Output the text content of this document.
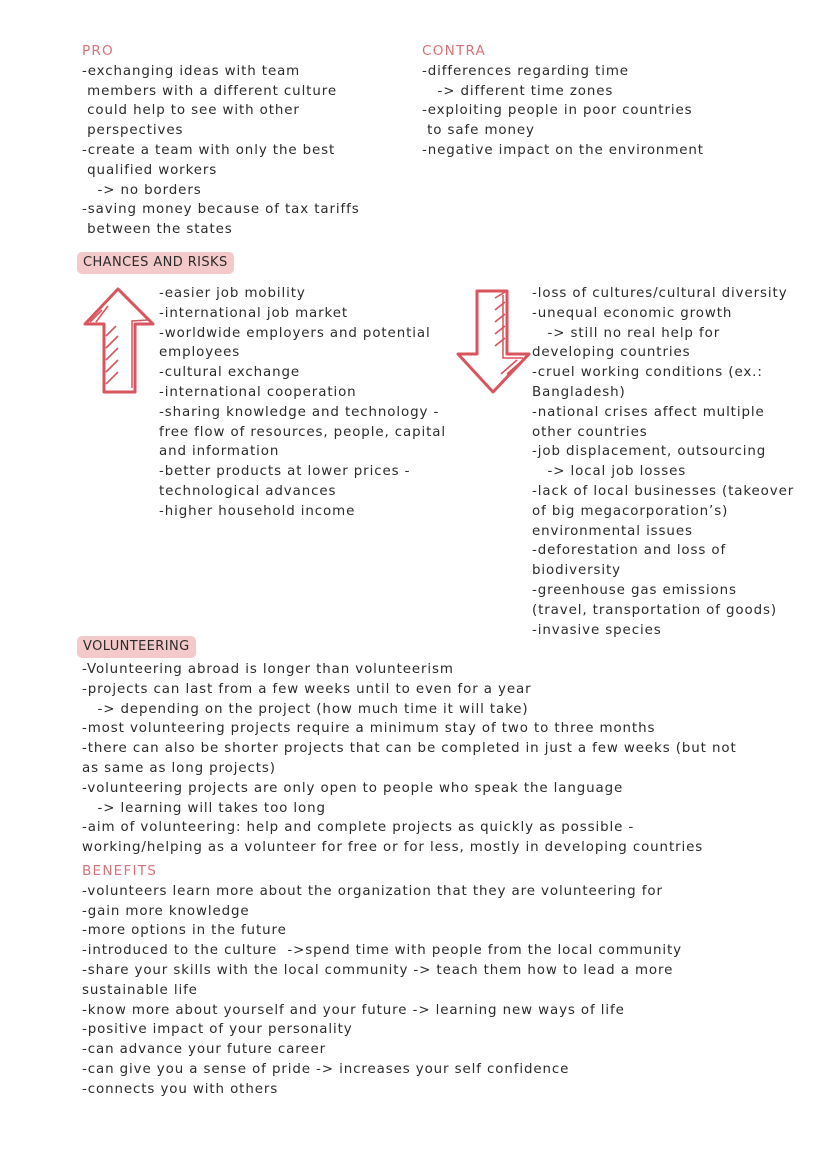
PRO
-exchanging ideas with team
members with a different culture
could help to see with other
perspectives
-create a team with only the best
qualified workers
-> no borders
-saving money because of tax tariffs
between the states
CONTRA
-differences regarding time
-> different time zones
-exploiting people in poor countries
to safe money
-negative impact on the environment
CHANCES AND RISKS
-easier job mobility
-international job market
-worldwide employers and potential
employees
-cultural exchange
-international cooperation
-sharing knowledge and technology -
free flow of resources, people, capital
and information
-better products at lower prices -
technological advances
-higher household income
-loss of cultures/cultural diversity
-unequal economic growth
-> still no real help for
developing countries
-cruel working conditions (ex.:
Bangladesh)
-national crises affect multiple
other countries
-job displacement, outsourcing
-> local job losses
-lack of local businesses (takeover
of big megacorporation’s)
environmental issues
-deforestation and loss of
biodiversity
-greenhouse gas emissions
(travel, transportation of goods)
-invasive species
VOLUNTEERING
-Volunteering abroad is longer than volunteerism
-projects can last from a few weeks until to even for a year
-> depending on the project (how much time it will take)
-most volunteering projects require a minimum stay of two to three months
-there can also be shorter projects that can be completed in just a few weeks (but not
as same as long projects)
-volunteering projects are only open to people who speak the language
-> learning will takes too long
-aim of volunteering: help and complete projects as quickly as possible -
working/helping as a volunteer for free or for less, mostly in developing countries
BENEFITS
-volunteers learn more about the organization that they are volunteering for
-gain more knowledge
-more options in the future
-introduced to the culture  ->spend time with people from the local community
-share your skills with the local community -> teach them how to lead a more
sustainable life
-know more about yourself and your future -> learning new ways of life
-positive impact of your personality
-can advance your future career
-can give you a sense of pride -> increases your self confidence
-connects you with others
